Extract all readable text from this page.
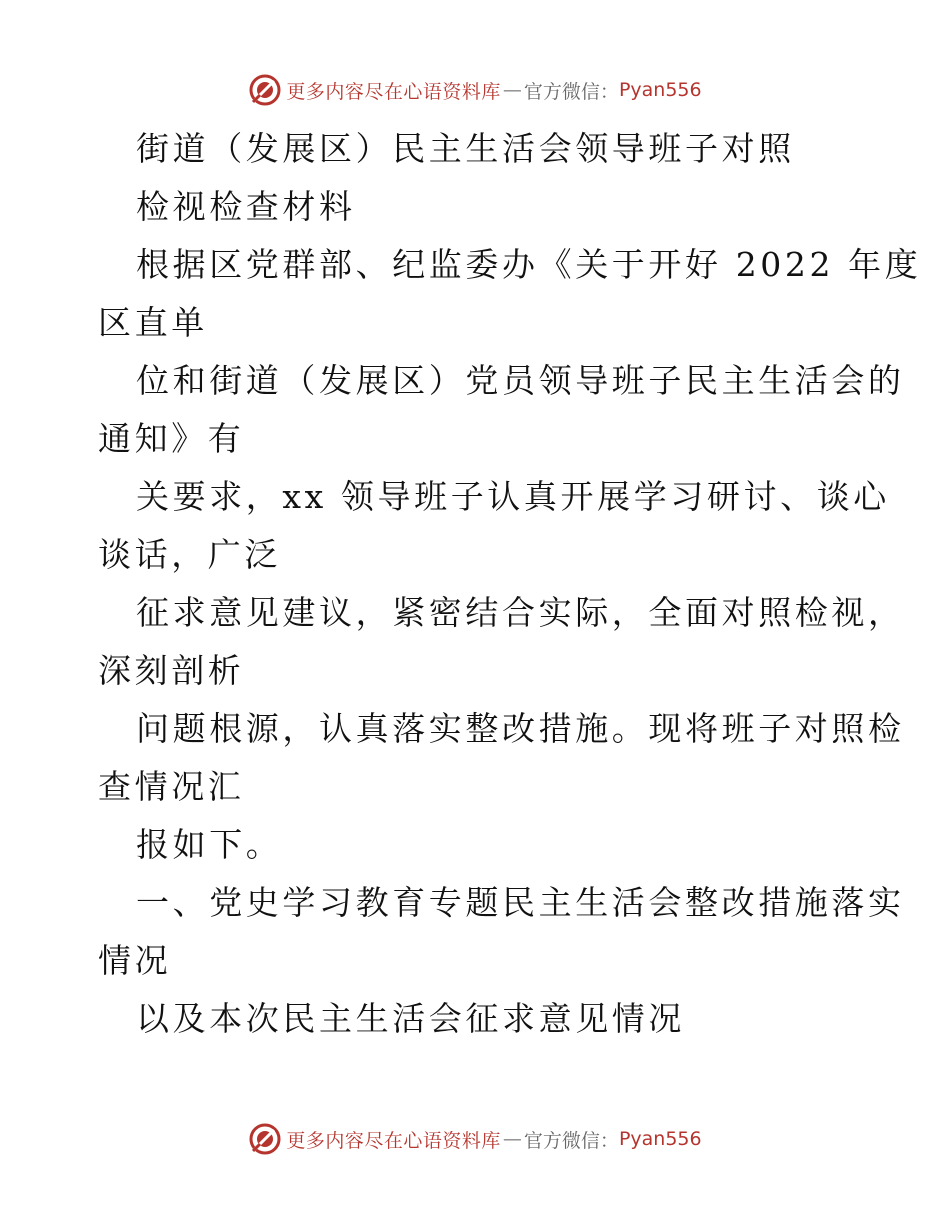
更多内容尽在心语资料库 — 官方微信： Pyan556
街道（发展区）民主生活会领导班子对照
检视检查材料
根据区党群部、纪监委办《关于开好 2022 年度
区直单
位和街道（发展区）党员领导班子民主生活会的
通知》有
关要求，xx 领导班子认真开展学习研讨、谈心
谈话，广泛
征求意见建议，紧密结合实际，全面对照检视，
深刻剖析
问题根源，认真落实整改措施。现将班子对照检
查情况汇
报如下。
一、党史学习教育专题民主生活会整改措施落实
情况
以及本次民主生活会征求意见情况
更多内容尽在心语资料库 — 官方微信： Pyan556
